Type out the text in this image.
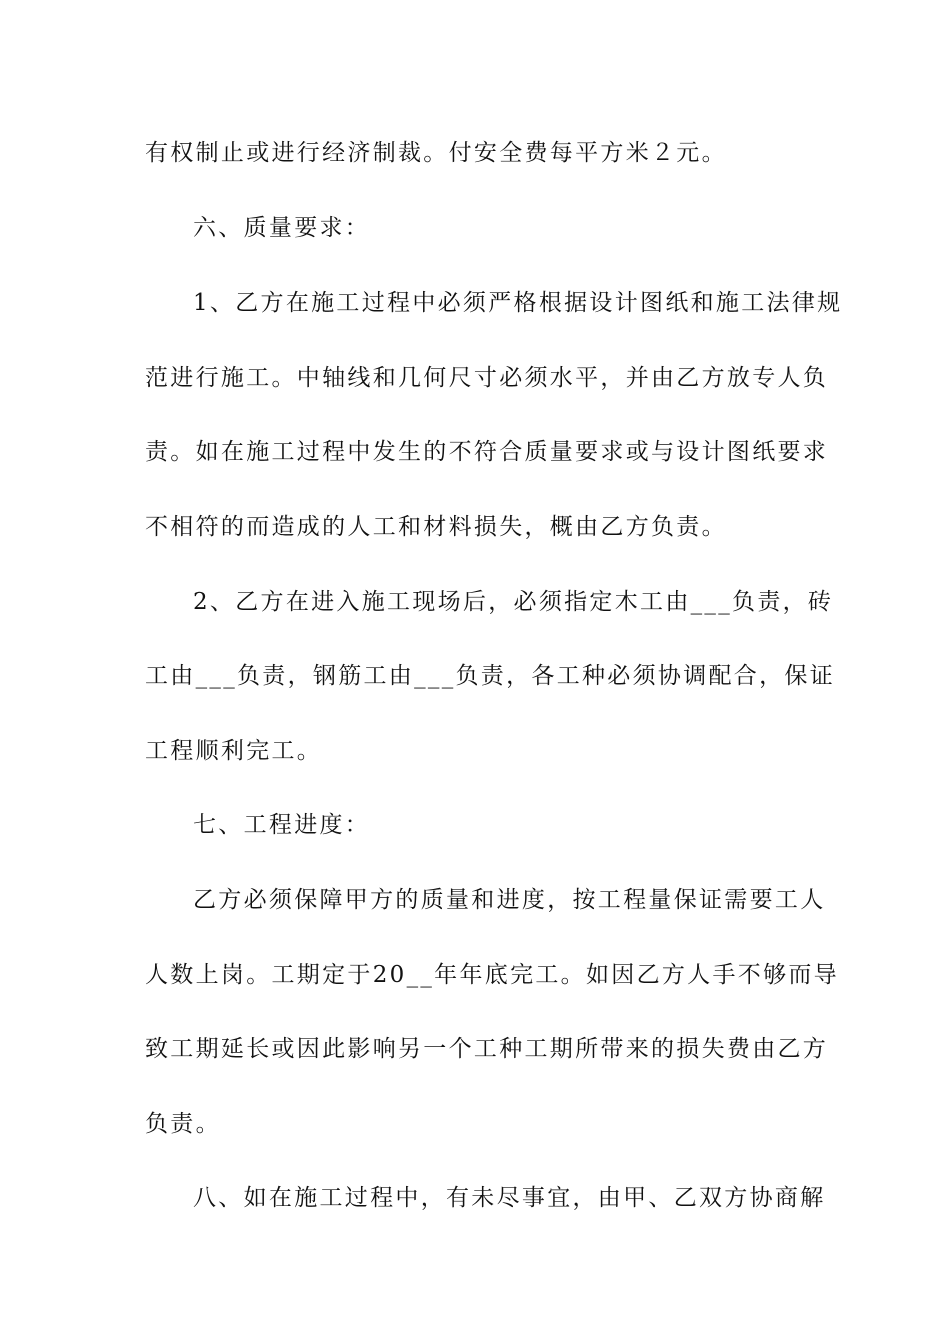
有权制止或进行经济制裁。付安全费每平方米２元。
六、质量要求：
1、乙方在施工过程中必须严格根据设计图纸和施工法律规
范进行施工。中轴线和几何尺寸必须水平，并由乙方放专人负
责。如在施工过程中发生的不符合质量要求或与设计图纸要求
不相符的而造成的人工和材料损失，概由乙方负责。
2、乙方在进入施工现场后，必须指定木工由___负责，砖
工由___负责，钢筋工由___负责，各工种必须协调配合，保证
工程顺利完工。
七、工程进度：
乙方必须保障甲方的质量和进度，按工程量保证需要工人
人数上岗。工期定于20__年年底完工。如因乙方人手不够而导
致工期延长或因此影响另一个工种工期所带来的损失费由乙方
负责。
八、如在施工过程中，有未尽事宜，由甲、乙双方协商解
